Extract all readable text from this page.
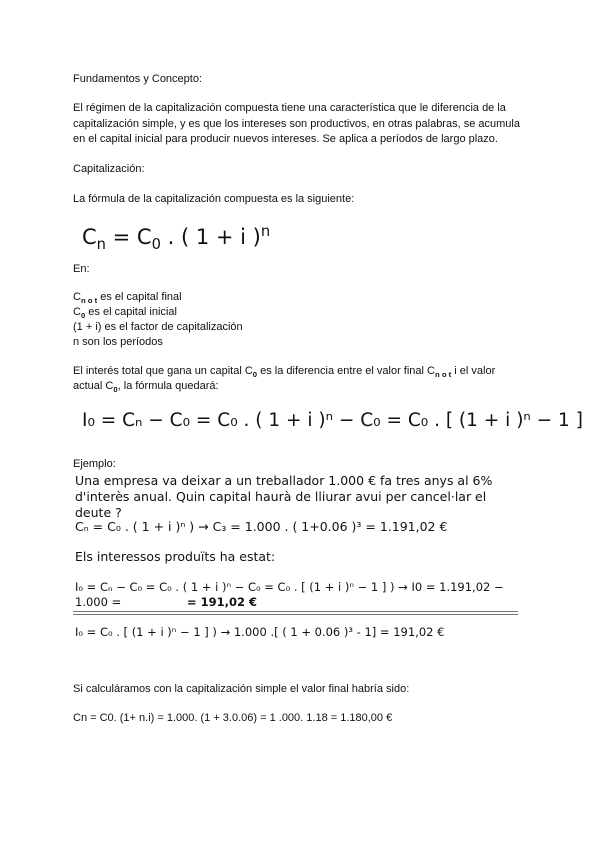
Fundamentos y Concepto:
El régimen de la capitalización compuesta tiene una característica que le diferencia de la capitalización simple, y es que los intereses son productivos, en otras palabras, se acumula en el capital inicial para producir nuevos intereses. Se aplica a períodos de largo plazo.
Capitalización:
La fórmula de la capitalización compuesta es la siguiente:
$C_n = C_0$ . ( 1 + i )$^n$
En:
$C_{n o t}$ es el capital final
$C_0$ es el capital inicial
(1 + i) es el factor de capitalización
n son los períodos
El interés total que gana un capital $C_0$ es la diferencia entre el valor final $C_{n o t}$ i el valor
actual $C_0$, la fórmula quedará:
I₀ = Cₙ − C₀ = C₀ . ( 1 + i )ⁿ − C₀ = C₀ . [ (1 + i )ⁿ − 1 ]
Ejemplo:
Una empresa va deixar a un treballador 1.000 € fa tres anys al 6% d'interès anual. Quin capital haurà de lliurar avui per cancel·lar el deute ?
Cₙ = C₀ . ( 1 + i )ⁿ ) → C₃ = 1.000 . ( 1+0.06 )³ = 1.191,02 €
Els interessos produïts ha estat:
I₀ = Cₙ − C₀ = C₀ . ( 1 + i )ⁿ − C₀ = C₀ . [ (1 + i )ⁿ − 1 ] ) → I0 = 1.191,02 −
1.000 =	= 191,02 €
I₀ = C₀ . [ (1 + i )ⁿ − 1 ] ) → 1.000 .[ ( 1 + 0.06 )³ - 1] = 191,02 €
Si calculáramos con la capitalización simple el valor final habría sido:
Cn = C0. (1+ n.i) = 1.000. (1 + 3.0.06) = 1 .000. 1.18 = 1.180,00 €
